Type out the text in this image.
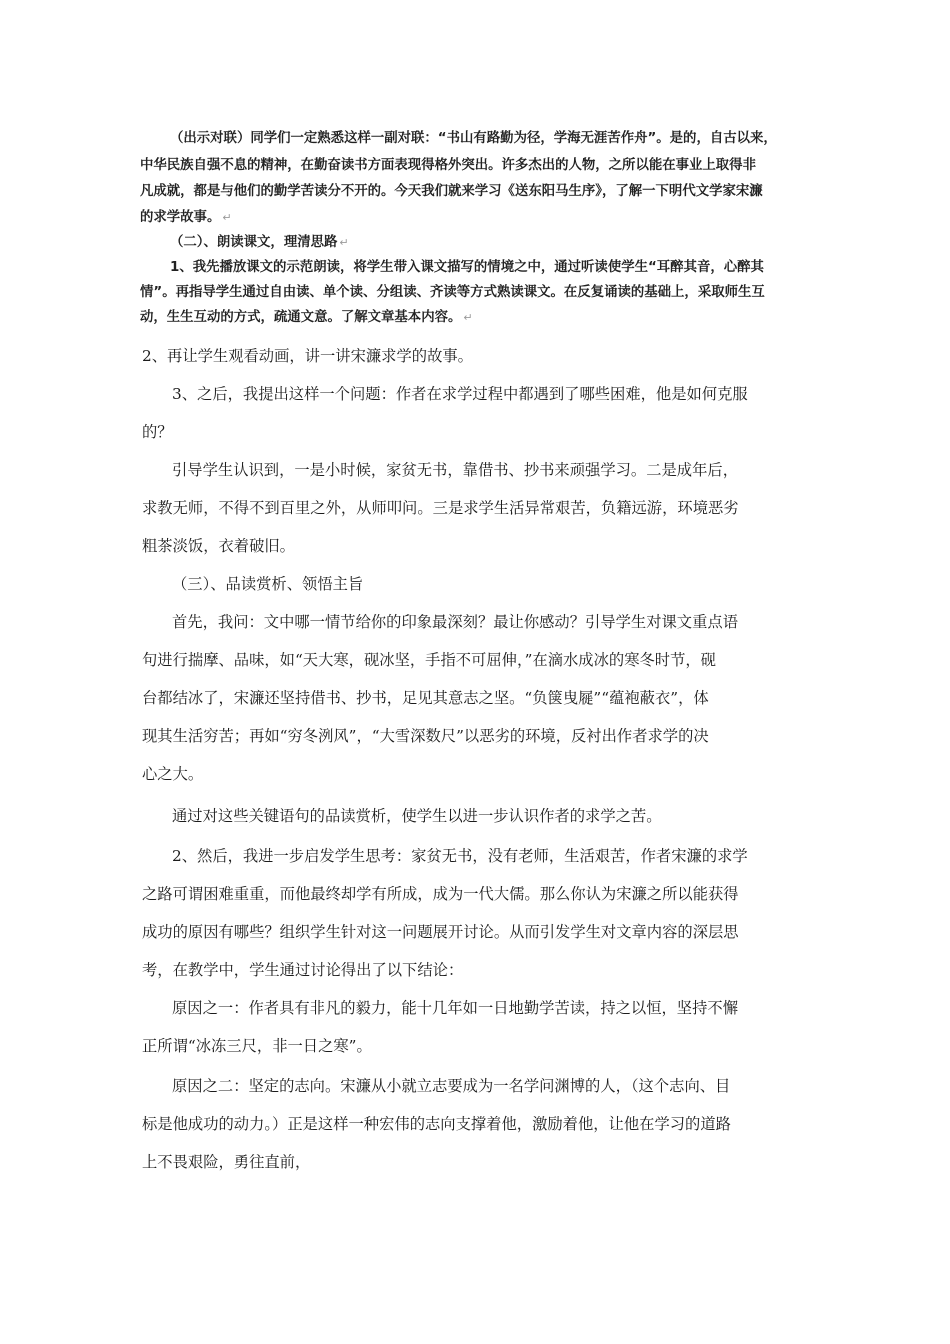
（出示对联）同学们一定熟悉这样一副对联：“书山有路勤为径，学海无涯苦作舟”。是的，自古以来，
中华民族自强不息的精神，在勤奋读书方面表现得格外突出。许多杰出的人物，之所以能在事业上取得非
凡成就，都是与他们的勤学苦读分不开的。今天我们就来学习《送东阳马生序》，了解一下明代文学家宋濂
的求学故事。 ↵
（二）、朗读课文，理清思路 ↵
1、我先播放课文的示范朗读，将学生带入课文描写的情境之中，通过听读使学生“耳醉其音，心醉其
情”。再指导学生通过自由读、单个读、分组读、齐读等方式熟读课文。在反复诵读的基础上，采取师生互
动，生生互动的方式，疏通文意。了解文章基本内容。 ↵
2、再让学生观看动画，讲一讲宋濂求学的故事。
3、之后，我提出这样一个问题：作者在求学过程中都遇到了哪些困难，他是如何克服
的？
引导学生认识到，一是小时候，家贫无书，靠借书、抄书来顽强学习。二是成年后，
求教无师，不得不到百里之外，从师叩问。三是求学生活异常艰苦，负籍远游，环境恶劣
粗茶淡饭，衣着破旧。
（三）、品读赏析、领悟主旨
首先，我问：文中哪一情节给你的印象最深刻？最让你感动？引导学生对课文重点语
句进行揣摩、品味，如“天大寒，砚冰坚，手指不可屈伸，”在滴水成冰的寒冬时节，砚
台都结冰了，宋濂还坚持借书、抄书，足见其意志之坚。“负箧曳屣”“蕴袍蔽衣”，体
现其生活穷苦；再如“穷冬洌风”，“大雪深数尺”以恶劣的环境，反衬出作者求学的决
心之大。
通过对这些关键语句的品读赏析，使学生以进一步认识作者的求学之苦。
2、然后，我进一步启发学生思考：家贫无书，没有老师，生活艰苦，作者宋濂的求学
之路可谓困难重重，而他最终却学有所成，成为一代大儒。那么你认为宋濂之所以能获得
成功的原因有哪些？组织学生针对这一问题展开讨论。从而引发学生对文章内容的深层思
考，在教学中，学生通过讨论得出了以下结论：
原因之一：作者具有非凡的毅力，能十几年如一日地勤学苦读，持之以恒，坚持不懈
正所谓“冰冻三尺，非一日之寒”。
原因之二：坚定的志向。宋濂从小就立志要成为一名学问渊博的人，（这个志向、目
标是他成功的动力。）正是这样一种宏伟的志向支撑着他，激励着他，让他在学习的道路
上不畏艰险，勇往直前，
